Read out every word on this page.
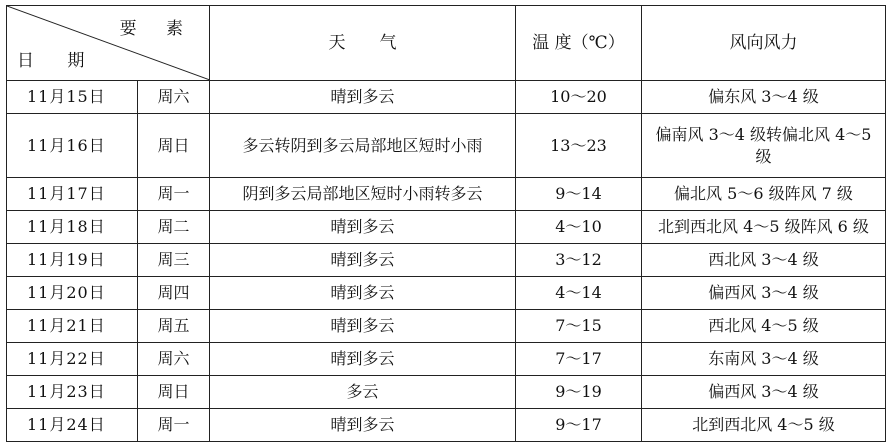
要 素
日 期		天　　气	温 度（℃）	风向风力
11月15日	周六	晴到多云	10～20	偏东风 3～4 级
11月16日	周日	多云转阴到多云局部地区短时小雨	13～23	偏南风 3～4 级转偏北风 4～5 级
11月17日	周一	阴到多云局部地区短时小雨转多云	9～14	偏北风 5～6 级阵风 7 级
11月18日	周二	晴到多云	4～10	北到西北风 4～5 级阵风 6 级
11月19日	周三	晴到多云	3～12	西北风 3～4 级
11月20日	周四	晴到多云	4～14	偏西风 3～4 级
11月21日	周五	晴到多云	7～15	西北风 4～5 级
11月22日	周六	晴到多云	7～17	东南风 3～4 级
11月23日	周日	多云	9～19	偏西风 3～4 级
11月24日	周一	晴到多云	9～17	北到西北风 4～5 级
